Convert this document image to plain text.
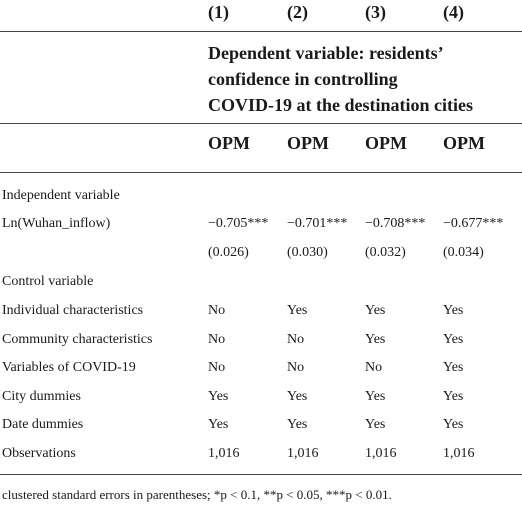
(1)	(2)	(3)	(4)
Dependent variable: residents’
confidence in controlling
COVID-19 at the destination cities
OPM OPM OPM OPM
Independent variable
Ln(Wuhan_inflow)	−0.705*** −0.701*** −0.708*** −0.677***
(0.026)	(0.030)	(0.032)	(0.034)
Control variable
Individual characteristics	No	Yes	Yes	Yes
Community characteristics	No	No	Yes	Yes
Variables of COVID-19	No	No	No	Yes
City dummies	Yes	Yes	Yes	Yes
Date dummies	Yes	Yes	Yes	Yes
Observations	1,016	1,016	1,016	1,016
clustered standard errors in parentheses; *p < 0.1, **p < 0.05, ***p < 0.01.
